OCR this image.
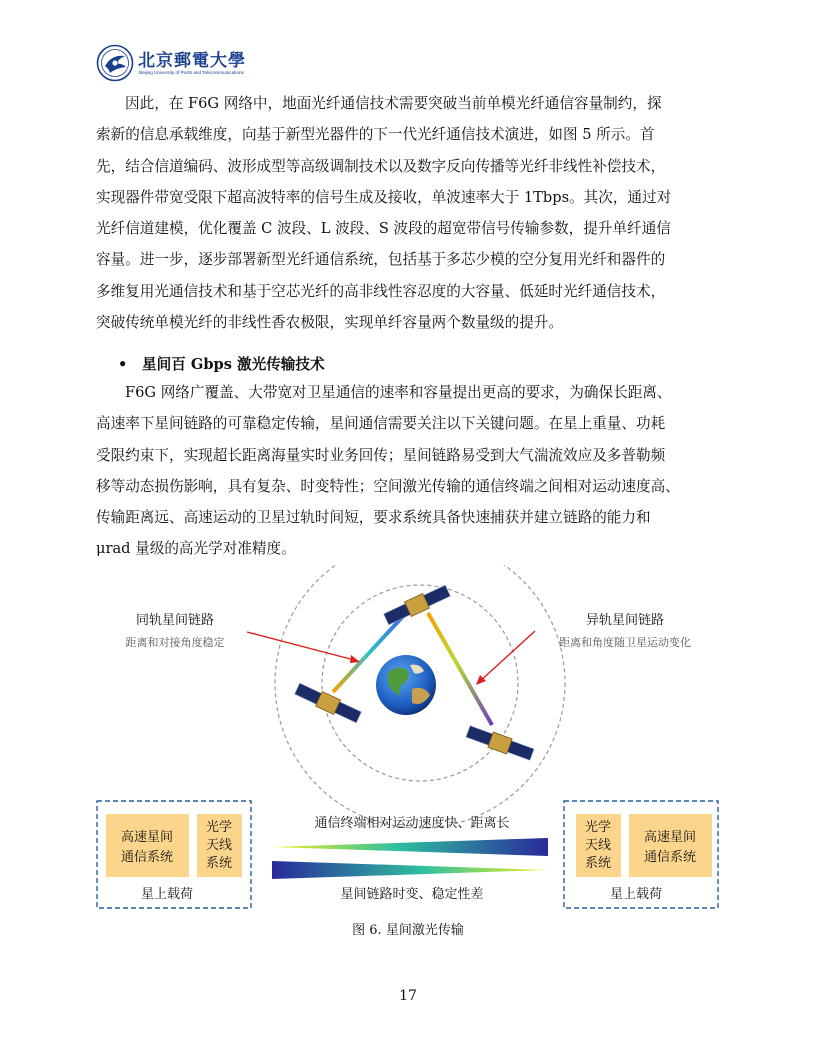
北京郵電大學
Beijing University of Posts and Telecommunications
因此，在 F6G 网络中，地面光纤通信技术需要突破当前单模光纤通信容量制约，探
索新的信息承载维度，向基于新型光器件的下一代光纤通信技术演进，如图 5 所示。首
先，结合信道编码、波形成型等高级调制技术以及数字反向传播等光纤非线性补偿技术，
实现器件带宽受限下超高波特率的信号生成及接收，单波速率大于 1Tbps。其次，通过对
光纤信道建模，优化覆盖 C 波段、L 波段、S 波段的超宽带信号传输参数，提升单纤通信
容量。进一步，逐步部署新型光纤通信系统，包括基于多芯少模的空分复用光纤和器件的
多维复用光通信技术和基于空芯光纤的高非线性容忍度的大容量、低延时光纤通信技术，
突破传统单模光纤的非线性香农极限，实现单纤容量两个数量级的提升。
• 星间百 Gbps 激光传输技术
F6G 网络广覆盖、大带宽对卫星通信的速率和容量提出更高的要求，为确保长距离、
高速率下星间链路的可靠稳定传输，星间通信需要关注以下关键问题。在星上重量、功耗
受限约束下，实现超长距离海量实时业务回传；星间链路易受到大气湍流效应及多普勒频
移等动态损伤影响，具有复杂、时变特性；空间激光传输的通信终端之间相对运动速度高、
传输距离远、高速运动的卫星过轨时间短，要求系统具备快速捕获并建立链路的能力和
μrad 量级的高光学对准精度。
同轨星间链路
距离和对接角度稳定
异轨星间链路
距离和角度随卫星运动变化
高速星间
通信系统
光学
天线
系统
星上载荷
光学
天线
系统
高速星间
通信系统
星上载荷
通信终端相对运动速度快、距离长
星间链路时变、稳定性差
图 6. 星间激光传输
17
